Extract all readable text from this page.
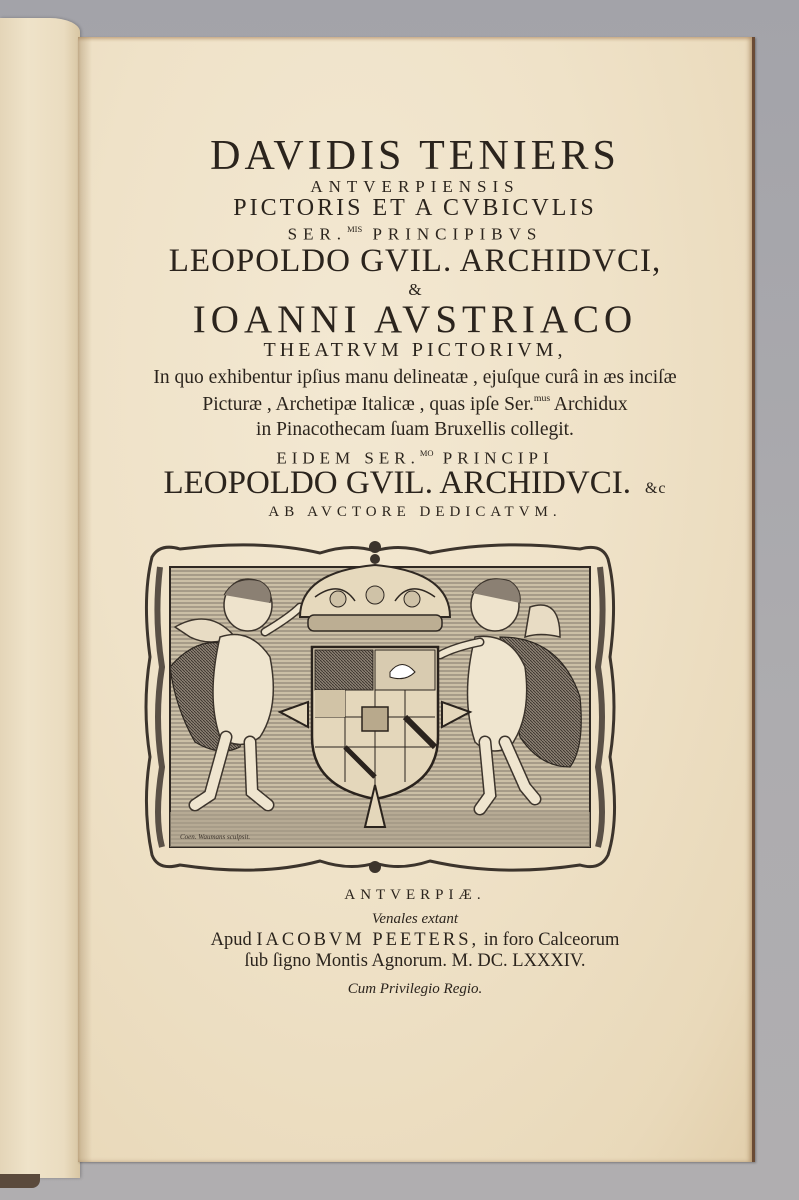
DAVIDIS TENIERS
ANTVERPIENSIS
PICTORIS ET A CVBICVLIS
SER.$^{MIS}$ PRINCIPIBVS
LEOPOLDO GVIL. ARCHIDVCI,
&
IOANNI AVSTRIACO
THEATRVM PICTORIVM,
In quo exhibentur ipſius manu delineatæ , ejuſque curâ in æs inciſæ
Picturæ , Archetipæ Italicæ , quas ipſe Ser.$^{mus}$ Archidux
in Pinacothecam ſuam Bruxellis collegit.
EIDEM SER.$^{MO}$ PRINCIPI
LEOPOLDO GVIL. ARCHIDVCI. &c
AB AVCTORE DEDICATVM.
Coen. Waumans sculpsit.
ANTVERPIÆ.
Venales extant
Apud IACOBVM PEETERS, in foro Calceorum
ſub ſigno Montis Agnorum. M. DC. LXXXIV.
Cum Privilegio Regio.
